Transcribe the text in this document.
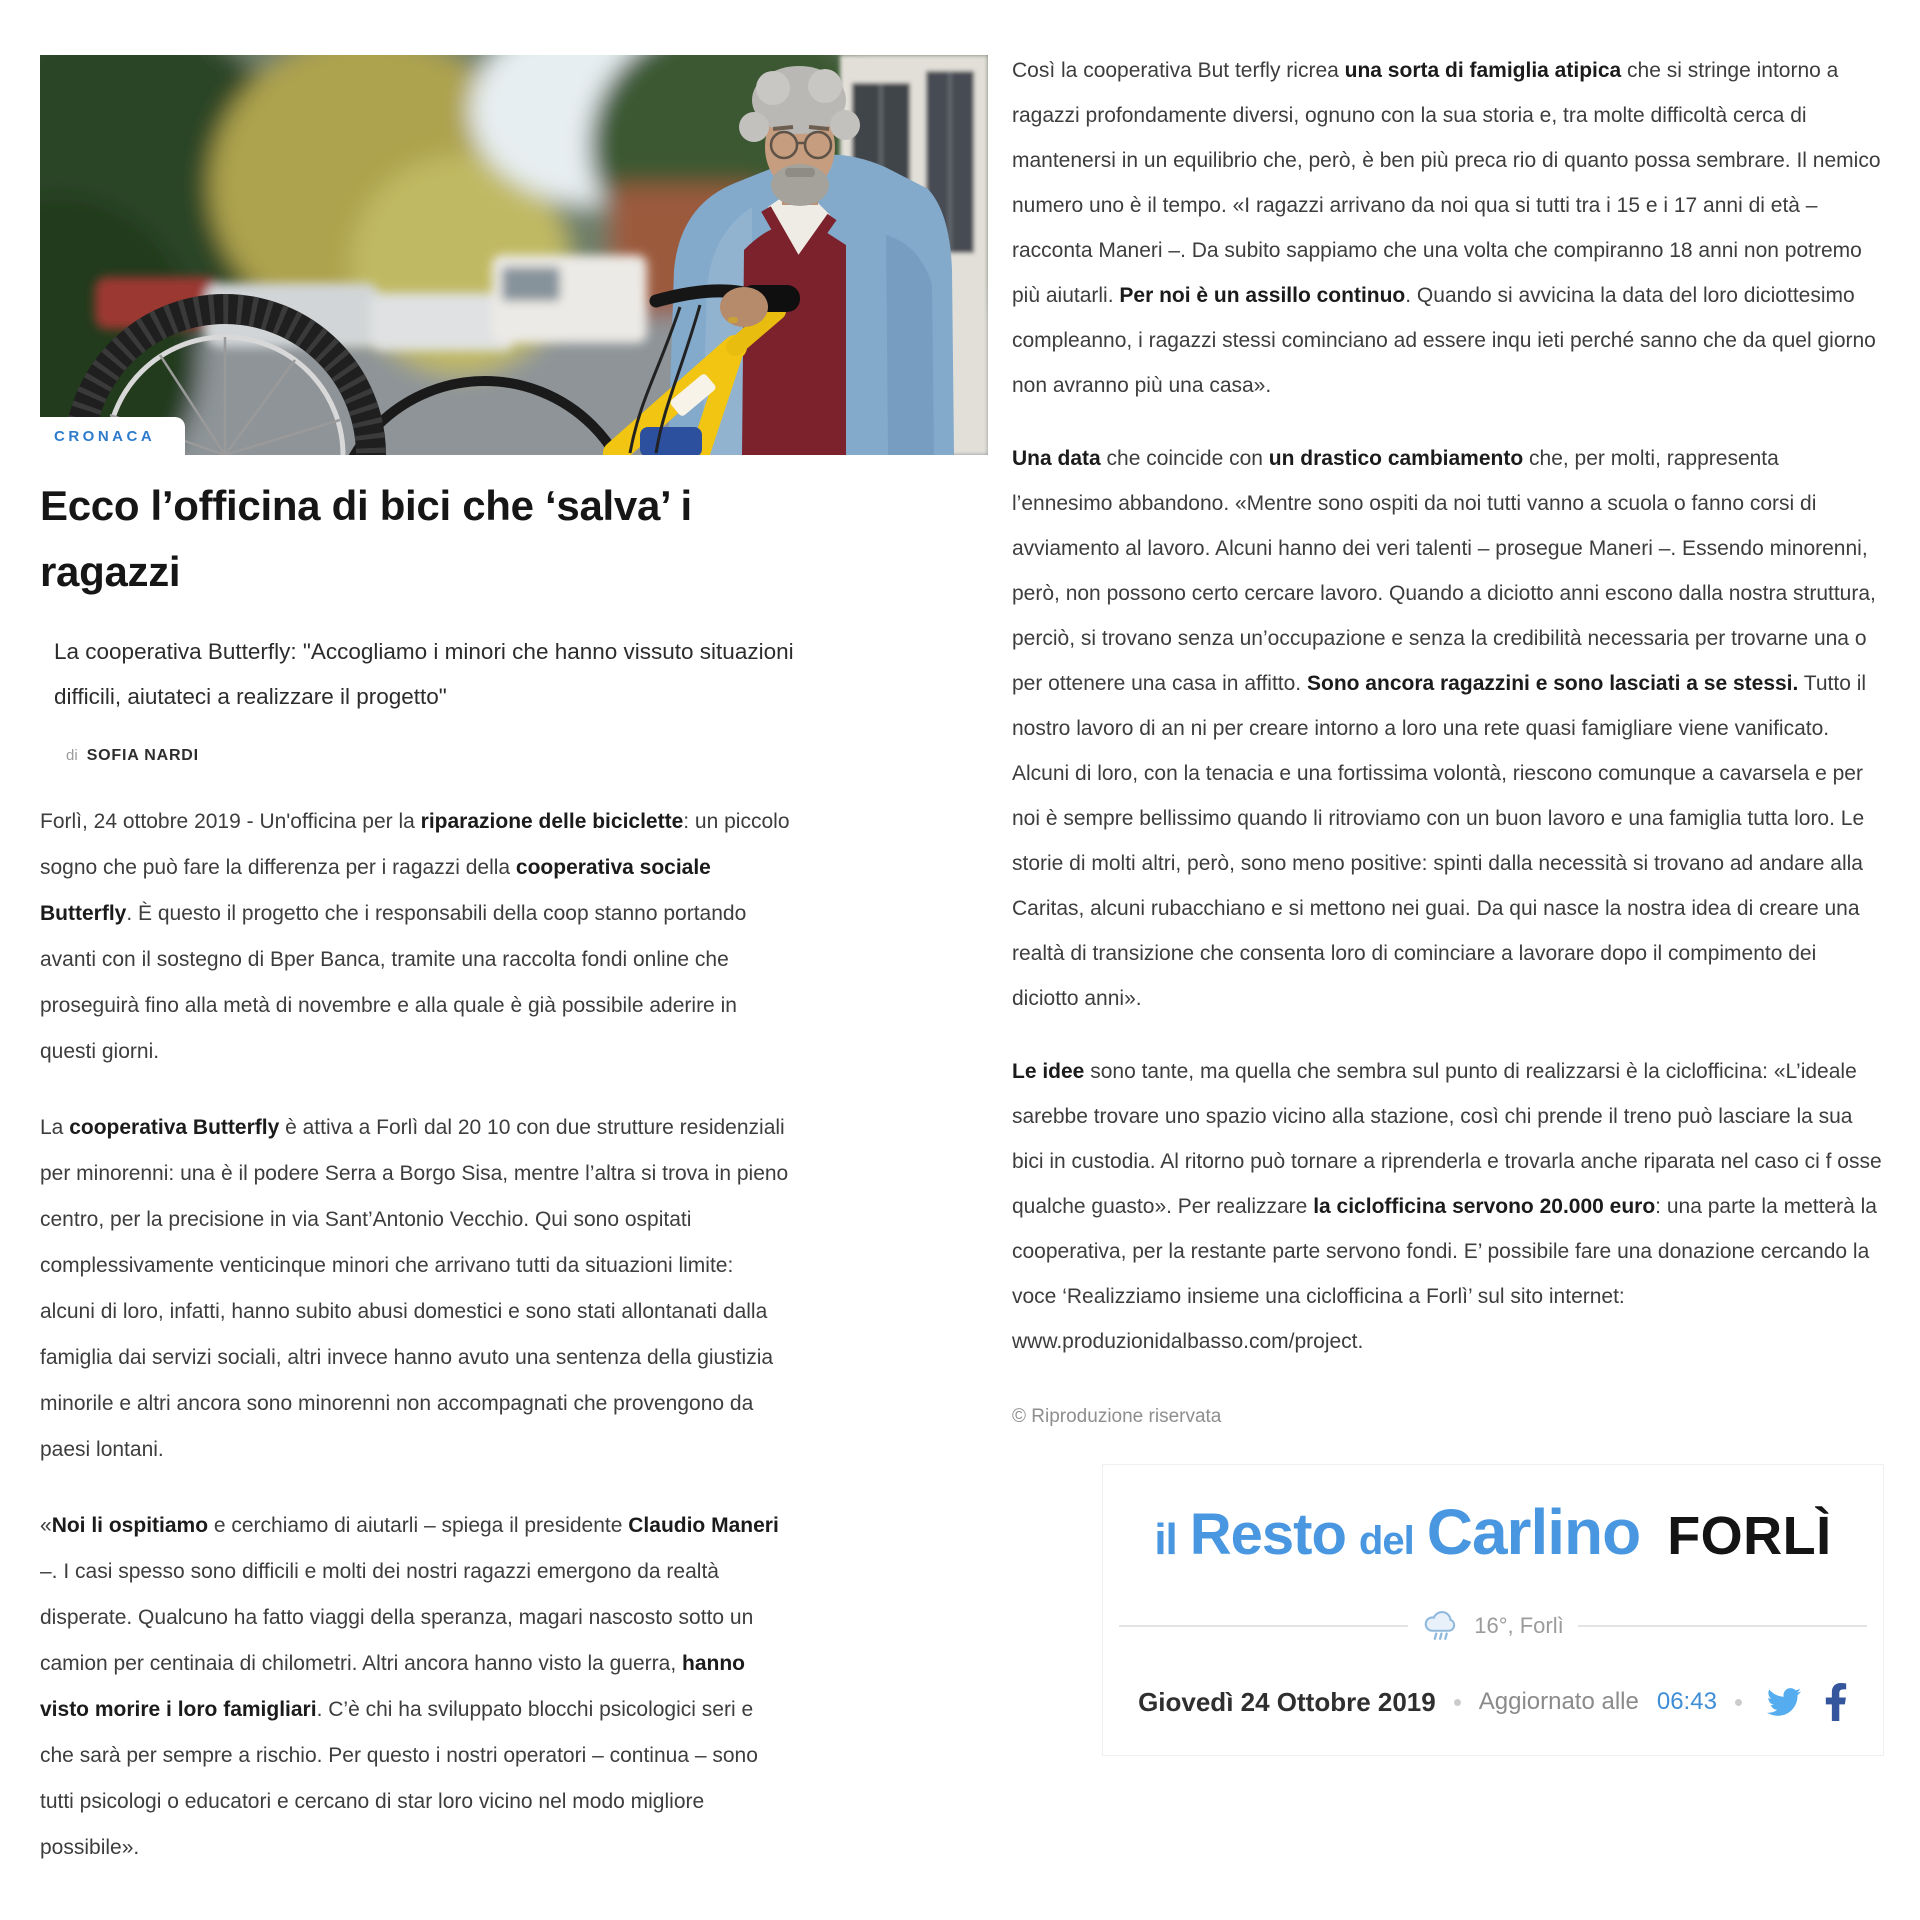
CRONACA
Ecco l’officina di bici che ‘salva’ i ragazzi
La cooperativa Butterfly: "Accogliamo i minori che hanno vissuto situazioni difficili, aiutateci a realizzare il progetto"
di SOFIA NARDI

Forlì, 24 ottobre 2019 - Un'officina per la riparazione delle biciclette: un piccolo sogno che può fare la differenza per i ragazzi della cooperativa sociale Butterfly. È questo il progetto che i responsabili della coop stanno portando avanti con il sostegno di Bper Banca, tramite una raccolta fondi online che proseguirà fino alla metà di novembre e alla quale è già possibile aderire in questi giorni.

La cooperativa Butterfly è attiva a Forlì dal 20 10 con due strutture residenziali per minorenni: una è il podere Serra a Borgo Sisa, mentre l’altra si trova in pieno centro, per la precisione in via Sant’Antonio Vecchio. Qui sono ospitati complessivamente venticinque minori che arrivano tutti da situazioni limite: alcuni di loro, infatti, hanno subito abusi domestici e sono stati allontanati dalla famiglia dai servizi sociali, altri invece hanno avuto una sentenza della giustizia minorile e altri ancora sono minorenni non accompagnati che provengono da paesi lontani.

«Noi li ospitiamo e cerchiamo di aiutarli – spiega il presidente Claudio Maneri –. I casi spesso sono difficili e molti dei nostri ragazzi emergono da realtà disperate. Qualcuno ha fatto viaggi della speranza, magari nascosto sotto un camion per centinaia di chilometri. Altri ancora hanno visto la guerra, hanno visto morire i loro famigliari. C’è chi ha sviluppato blocchi psicologici seri e che sarà per sempre a rischio. Per questo i nostri operatori – continua – sono tutti psicologi o educatori e cercano di star loro vicino nel modo migliore possibile».

Così la cooperativa But terfly ricrea una sorta di famiglia atipica che si stringe intorno a ragazzi profondamente diversi, ognuno con la sua storia e, tra molte difficoltà cerca di mantenersi in un equilibrio che, però, è ben più preca rio di quanto possa sembrare. Il nemico numero uno è il tempo. «I ragazzi arrivano da noi qua si tutti tra i 15 e i 17 anni di età – racconta Maneri –. Da subito sappiamo che una volta che compiranno 18 anni non potremo più aiutarli. Per noi è un assillo continuo. Quando si avvicina la data del loro diciottesimo compleanno, i ragazzi stessi cominciano ad essere inqu ieti perché sanno che da quel giorno non avranno più una casa».

Una data che coincide con un drastico cambiamento che, per molti, rappresenta l’ennesimo abbandono. «Mentre sono ospiti da noi tutti vanno a scuola o fanno corsi di avviamento al lavoro. Alcuni hanno dei veri talenti – prosegue Maneri –. Essendo minorenni, però, non possono certo cercare lavoro. Quando a diciotto anni escono dalla nostra struttura, perciò, si trovano senza un’occupazione e senza la credibilità necessaria per trovarne una o per ottenere una casa in affitto. Sono ancora ragazzini e sono lasciati a se stessi. Tutto il nostro lavoro di an ni per creare intorno a loro una rete quasi famigliare viene vanificato. Alcuni di loro, con la tenacia e una fortissima volontà, riescono comunque a cavarsela e per noi è sempre bellissimo quando li ritroviamo con un buon lavoro e una famiglia tutta loro. Le storie di molti altri, però, sono meno positive: spinti dalla necessità si trovano ad andare alla Caritas, alcuni rubacchiano e si mettono nei guai. Da qui nasce la nostra idea di creare una realtà di transizione che consenta loro di cominciare a lavorare dopo il compimento dei diciotto anni».

Le idee sono tante, ma quella che sembra sul punto di realizzarsi è la ciclofficina: «L’ideale sarebbe trovare uno spazio vicino alla stazione, così chi prende il treno può lasciare la sua bici in custodia. Al ritorno può tornare a riprenderla e trovarla anche riparata nel caso ci f osse qualche guasto». Per realizzare la ciclofficina servono 20.000 euro: una parte la metterà la cooperativa, per la restante parte servono fondi. E’ possibile fare una donazione cercando la voce ‘Realizziamo insieme una ciclofficina a Forlì’ sul sito internet: www.produzionidalbasso.com/project.

© Riproduzione riservata
il Resto del Carlino FORLÌ
16°, Forlì
Giovedì 24 Ottobre 2019 Aggiornato alle 06:43
